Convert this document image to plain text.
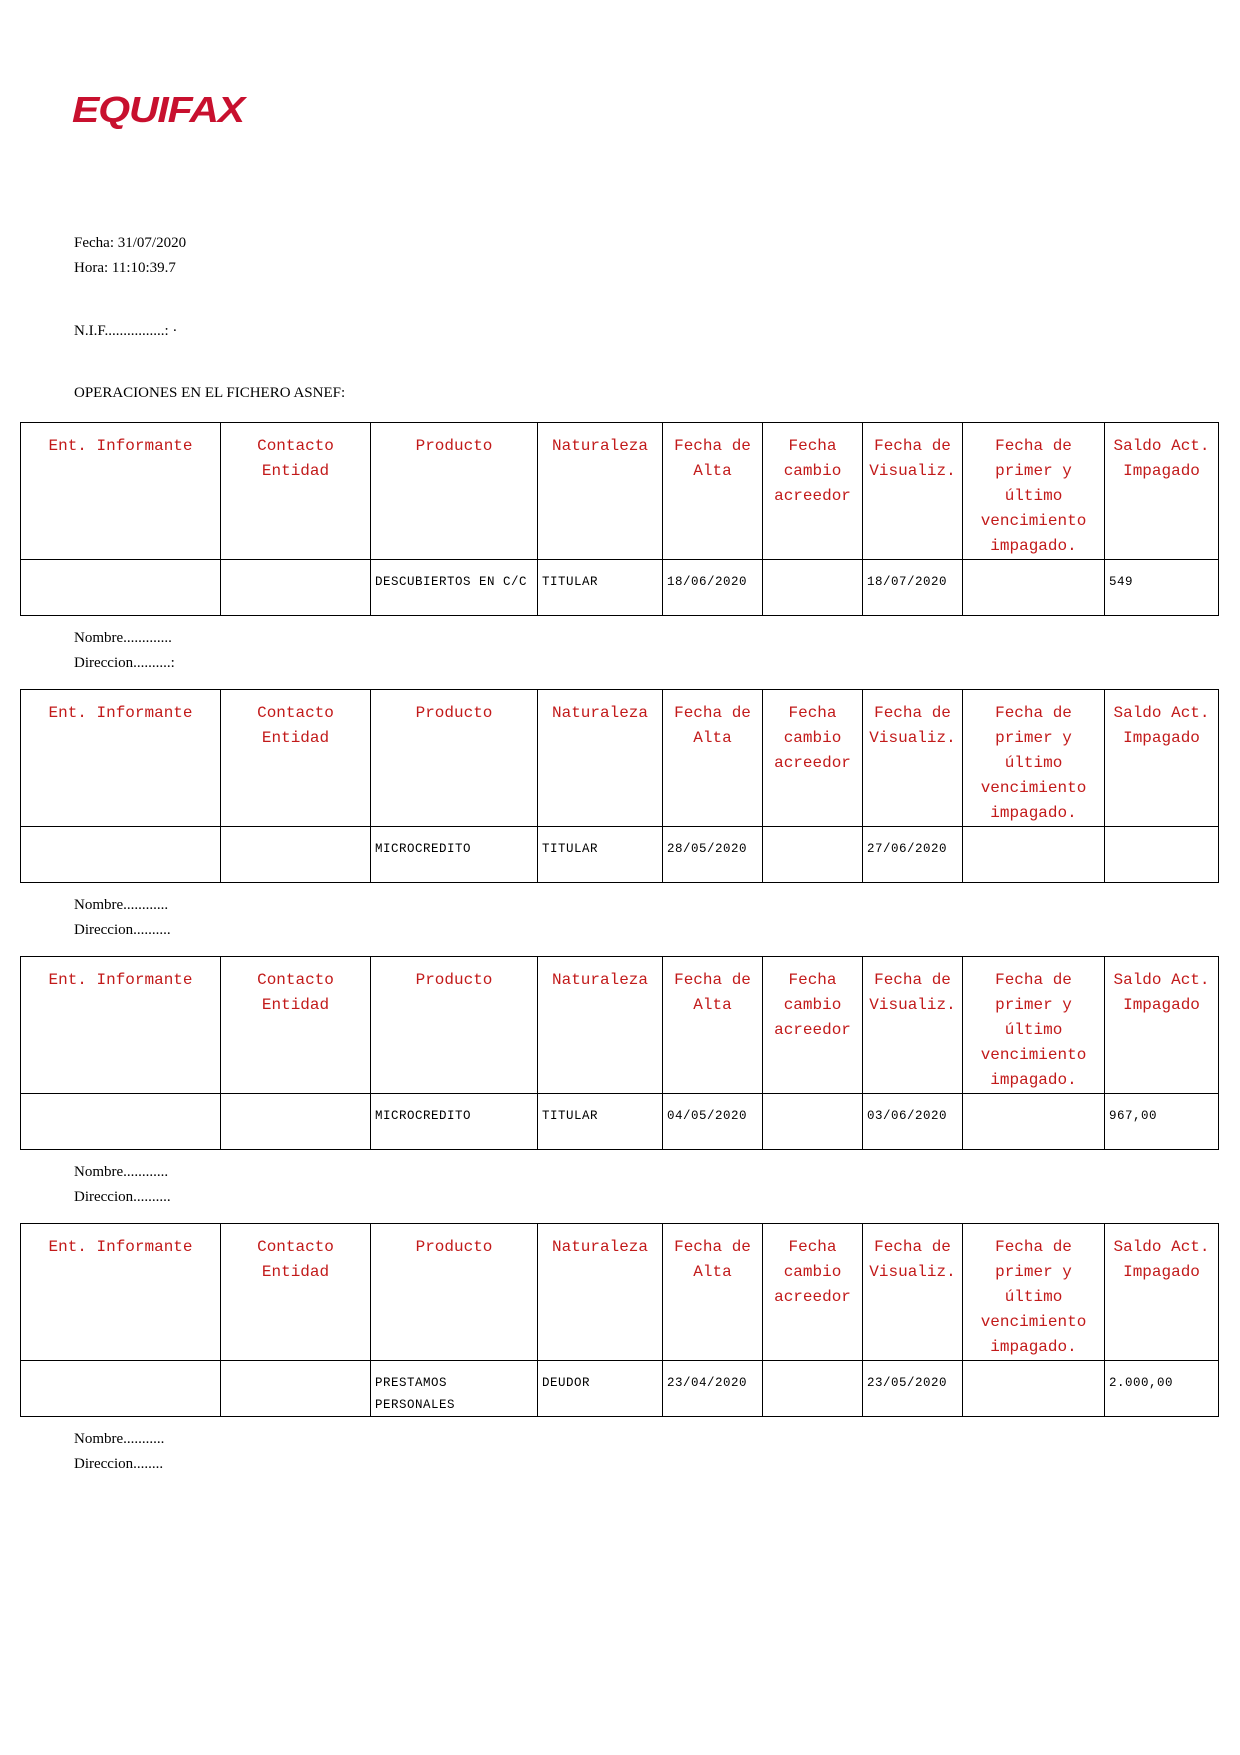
EQUIFAX
Fecha: 31/07/2020
Hora: 11:10:39.7
N.I.F................: ·
OPERACIONES EN EL FICHERO ASNEF:
Ent. Informante	Contacto Entidad	Producto	Naturaleza	Fecha de Alta	Fecha cambio acreedor	Fecha de Visualiz.	Fecha de primer y último vencimiento impagado.	Saldo Act. Impagado
		DESCUBIERTOS EN C/C	TITULAR	18/06/2020		18/07/2020		549
Nombre.............
Direccion..........:
Ent. Informante	Contacto Entidad	Producto	Naturaleza	Fecha de Alta	Fecha cambio acreedor	Fecha de Visualiz.	Fecha de primer y último vencimiento impagado.	Saldo Act. Impagado
		MICROCREDITO	TITULAR	28/05/2020		27/06/2020		
Nombre............
Direccion..........
Ent. Informante	Contacto Entidad	Producto	Naturaleza	Fecha de Alta	Fecha cambio acreedor	Fecha de Visualiz.	Fecha de primer y último vencimiento impagado.	Saldo Act. Impagado
		MICROCREDITO	TITULAR	04/05/2020		03/06/2020		967,00
Nombre............
Direccion..........
Ent. Informante	Contacto Entidad	Producto	Naturaleza	Fecha de Alta	Fecha cambio acreedor	Fecha de Visualiz.	Fecha de primer y último vencimiento impagado.	Saldo Act. Impagado
		PRESTAMOS PERSONALES	DEUDOR	23/04/2020		23/05/2020		2.000,00
Nombre...........
Direccion........
